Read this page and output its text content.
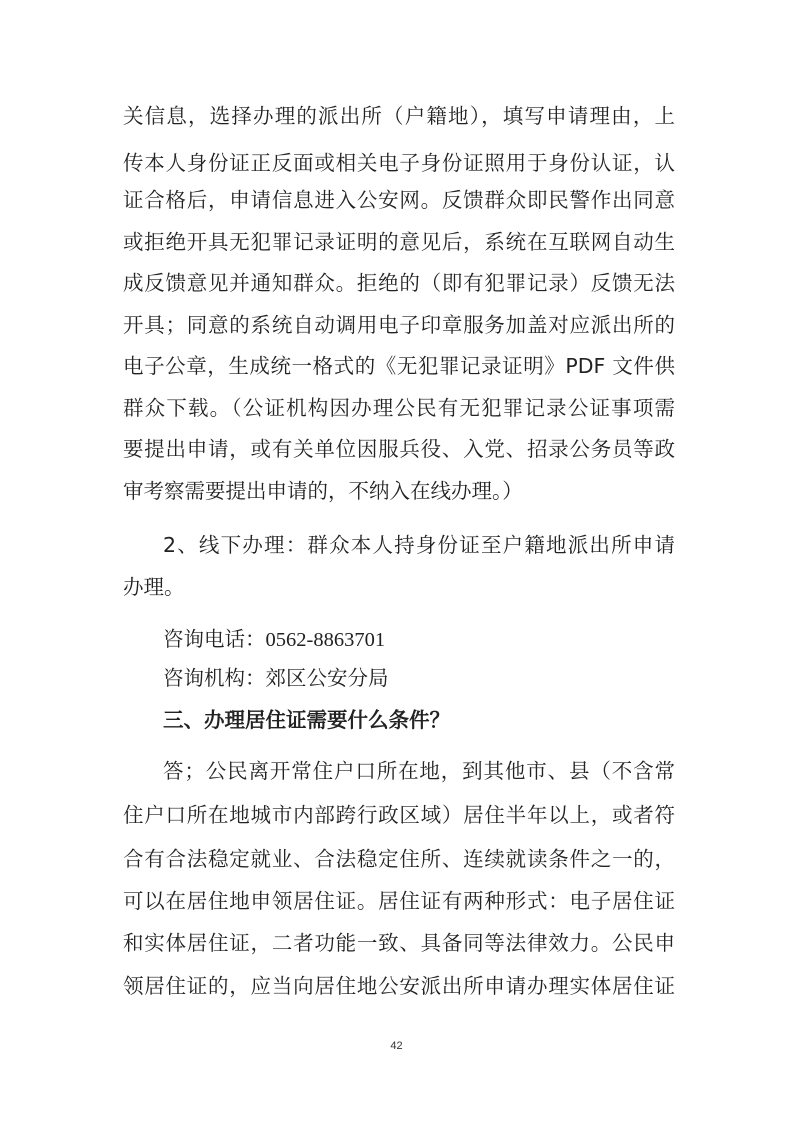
关信息，选择办理的派出所（户籍地），填写申请理由，上
传本人身份证正反面或相关电子身份证照用于身份认证，认
证合格后，申请信息进入公安网。反馈群众即民警作出同意
或拒绝开具无犯罪记录证明的意见后，系统在互联网自动生
成反馈意见并通知群众。拒绝的（即有犯罪记录）反馈无法
开具；同意的系统自动调用电子印章服务加盖对应派出所的
电子公章，生成统一格式的《无犯罪记录证明》PDF 文件供
群众下载。（公证机构因办理公民有无犯罪记录公证事项需
要提出申请，或有关单位因服兵役、入党、招录公务员等政
审考察需要提出申请的，不纳入在线办理。）
2、线下办理：群众本人持身份证至户籍地派出所申请
办理。
咨询电话：0562-8863701
咨询机构：郊区公安分局
三、办理居住证需要什么条件？
答；公民离开常住户口所在地，到其他市、县（不含常
住户口所在地城市内部跨行政区域）居住半年以上，或者符
合有合法稳定就业、合法稳定住所、连续就读条件之一的，
可以在居住地申领居住证。居住证有两种形式：电子居住证
和实体居住证，二者功能一致、具备同等法律效力。公民申
领居住证的，应当向居住地公安派出所申请办理实体居住证
42
